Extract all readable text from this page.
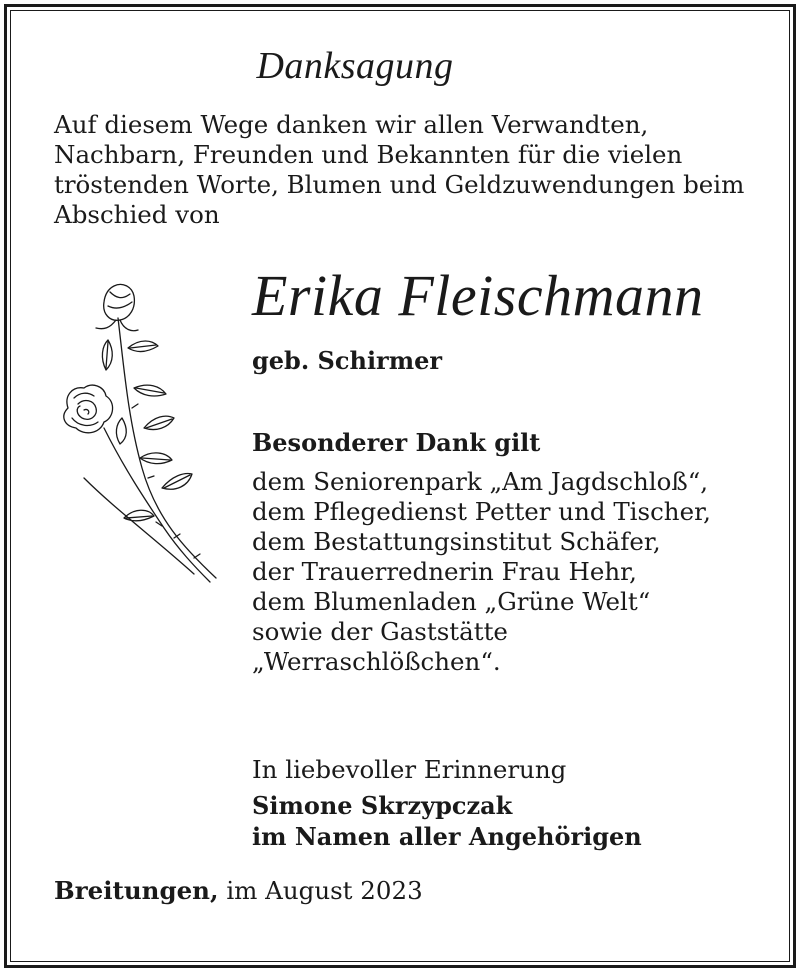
Danksagung

Auf diesem Wege danken wir allen Verwandten,
Nachbarn, Freunden und Bekannten für die vielen
tröstenden Worte, Blumen und Geldzuwendungen beim
Abschied von

Erika Fleischmann
geb. Schirmer
Besonderer Dank gilt
dem Seniorenpark „Am Jagdschloß“,
dem Pflegedienst Petter und Tischer,
dem Bestattungsinstitut Schäfer,
der Trauerrednerin Frau Hehr,
dem Blumenladen „Grüne Welt“
sowie der Gaststätte
„Werraschlößchen“.
In liebevoller Erinnerung
Simone Skrzypczak
im Namen aller Angehörigen
Breitungen, im August 2023
